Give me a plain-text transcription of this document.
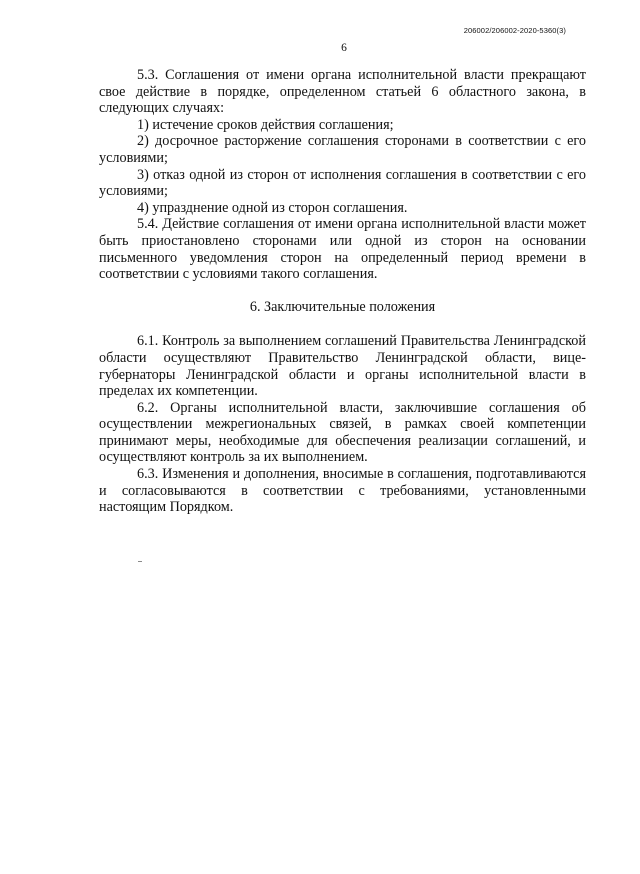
206002/206002-2020-5360(3)
6

5.3. Соглашения от имени органа исполнительной власти прекращают свое действие в порядке, определенном статьей 6 областного закона, в следующих случаях:

1) истечение сроков действия соглашения;

2) досрочное расторжение соглашения сторонами в соответствии с его условиями;

3) отказ одной из сторон от исполнения соглашения в соответствии с его условиями;

4) упразднение одной из сторон соглашения.

5.4. Действие соглашения от имени органа исполнительной власти может быть приостановлено сторонами или одной из сторон на основании письменного уведомления сторон на определенный период времени в соответствии с условиями такого соглашения.

6. Заключительные положения

6.1. Контроль за выполнением соглашений Правительства Ленинградской области осуществляют Правительство Ленинградской области, вице-губернаторы Ленинградской области и органы исполнительной власти в пределах их компетенции.

6.2. Органы исполнительной власти, заключившие соглашения об осуществлении межрегиональных связей, в рамках своей компетенции принимают меры, необходимые для обеспечения реализации соглашений, и осуществляют контроль за их выполнением.

6.3. Изменения и дополнения, вносимые в соглашения, подготавливаются и согласовываются в соответствии с требованиями, установленными настоящим Порядком.
